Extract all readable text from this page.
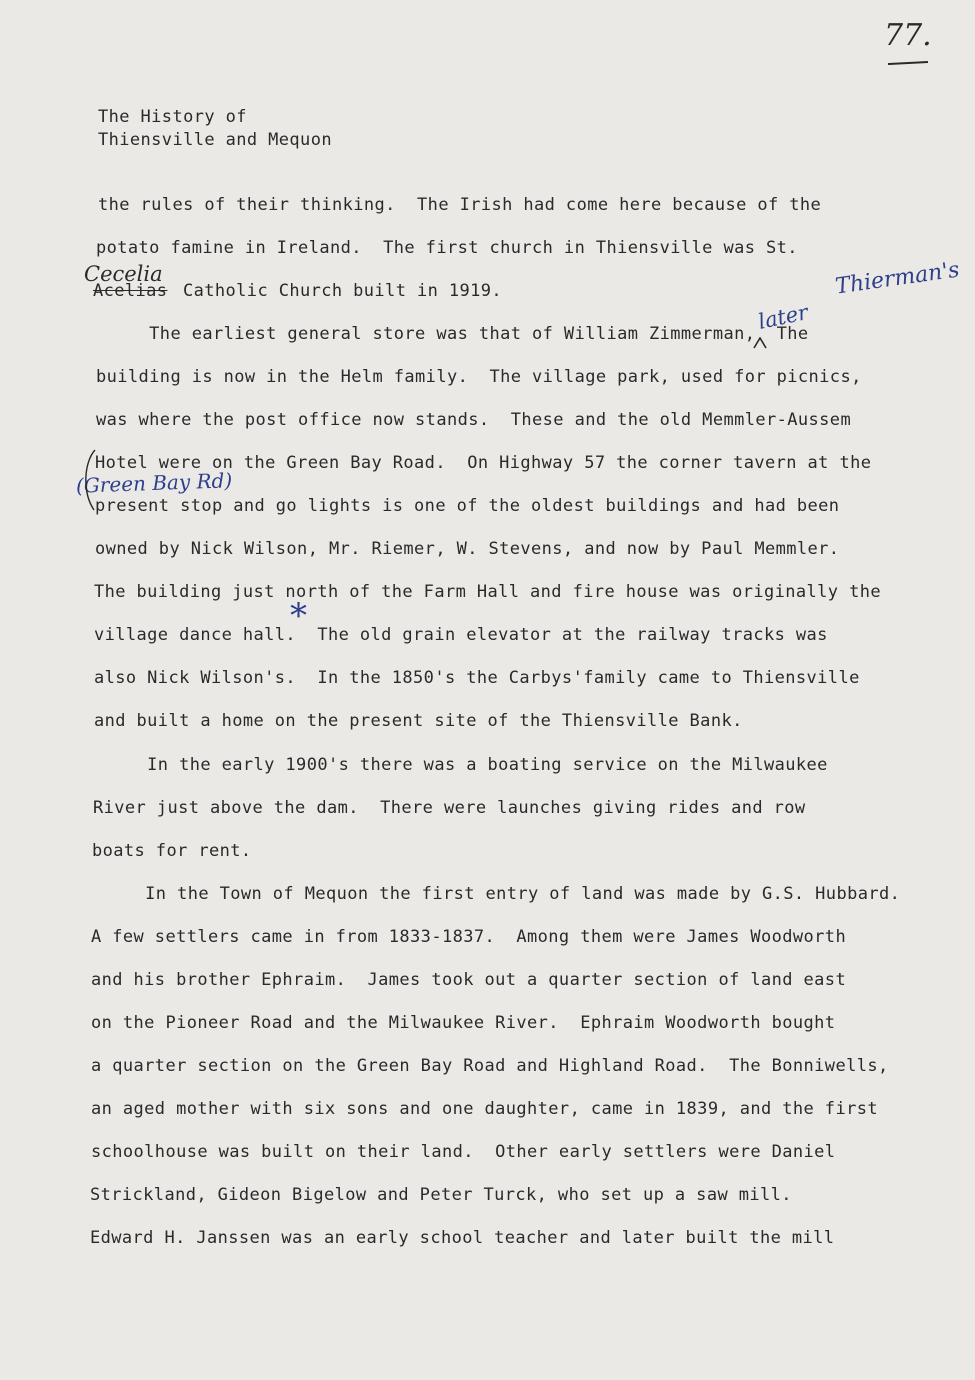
77.
The History of
Thiensville and Mequon
the rules of their thinking.  The Irish had come here because of the
potato famine in Ireland.  The first church in Thiensville was St.
Acelias Catholic Church built in 1919.
The earliest general store was that of William Zimmerman,  The
building is now in the Helm family.  The village park, used for picnics,
was where the post office now stands.  These and the old Memmler-Aussem
Hotel were on the Green Bay Road.  On Highway 57 the corner tavern at the
present stop and go lights is one of the oldest buildings and had been
owned by Nick Wilson, Mr. Riemer, W. Stevens, and now by Paul Memmler.
The building just north of the Farm Hall and fire house was originally the
village dance hall.  The old grain elevator at the railway tracks was
also Nick Wilson's.  In the 1850's the Carbys'family came to Thiensville
and built a home on the present site of the Thiensville Bank.
In the early 1900's there was a boating service on the Milwaukee
River just above the dam.  There were launches giving rides and row
boats for rent.
In the Town of Mequon the first entry of land was made by G.S. Hubbard.
A few settlers came in from 1833-1837.  Among them were James Woodworth
and his brother Ephraim.  James took out a quarter section of land east
on the Pioneer Road and the Milwaukee River.  Ephraim Woodworth bought
a quarter section on the Green Bay Road and Highland Road.  The Bonniwells,
an aged mother with six sons and one daughter, came in 1839, and the first
schoolhouse was built on their land.  Other early settlers were Daniel
Strickland, Gideon Bigelow and Peter Turck, who set up a saw mill.
Edward H. Janssen was an early school teacher and later built the mill
Cecelia	Thierman's
later
(Green Bay Rd)
*
